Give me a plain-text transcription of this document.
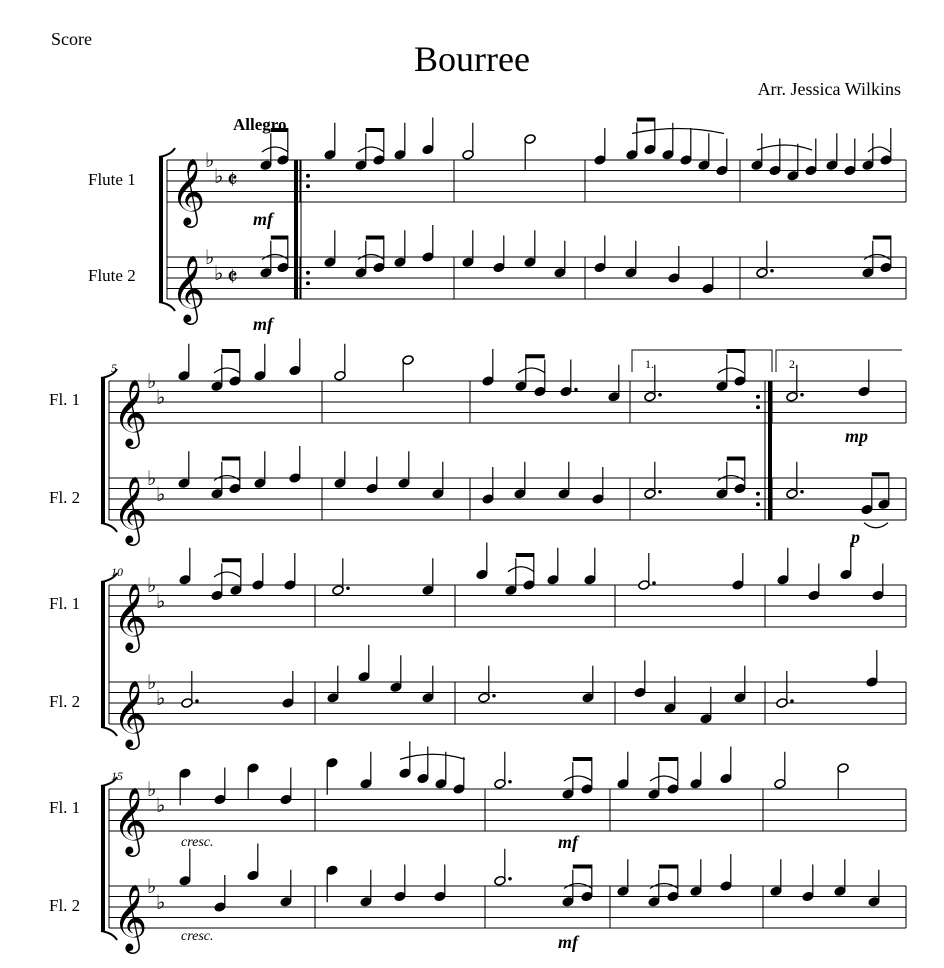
Score	Bourree
Arr. Jessica Wilkins
Allegro
Flute 1
Flute 2
Fl. 1
Fl. 2
Fl. 1
Fl. 2
Fl. 1
Fl. 2
𝄞 ♭
♭
𝄞 ♭
♭
𝄞 ♭
♭
𝄞 ♭
♭
𝄞 ♭
♭
𝄞 ♭
♭
𝄞 ♭
♭
𝄞 ♭
♭
𝄵
𝄵
1.	2.
5
10
15
mf
mf
mp
p
mf
mf
cresc.
cresc.
